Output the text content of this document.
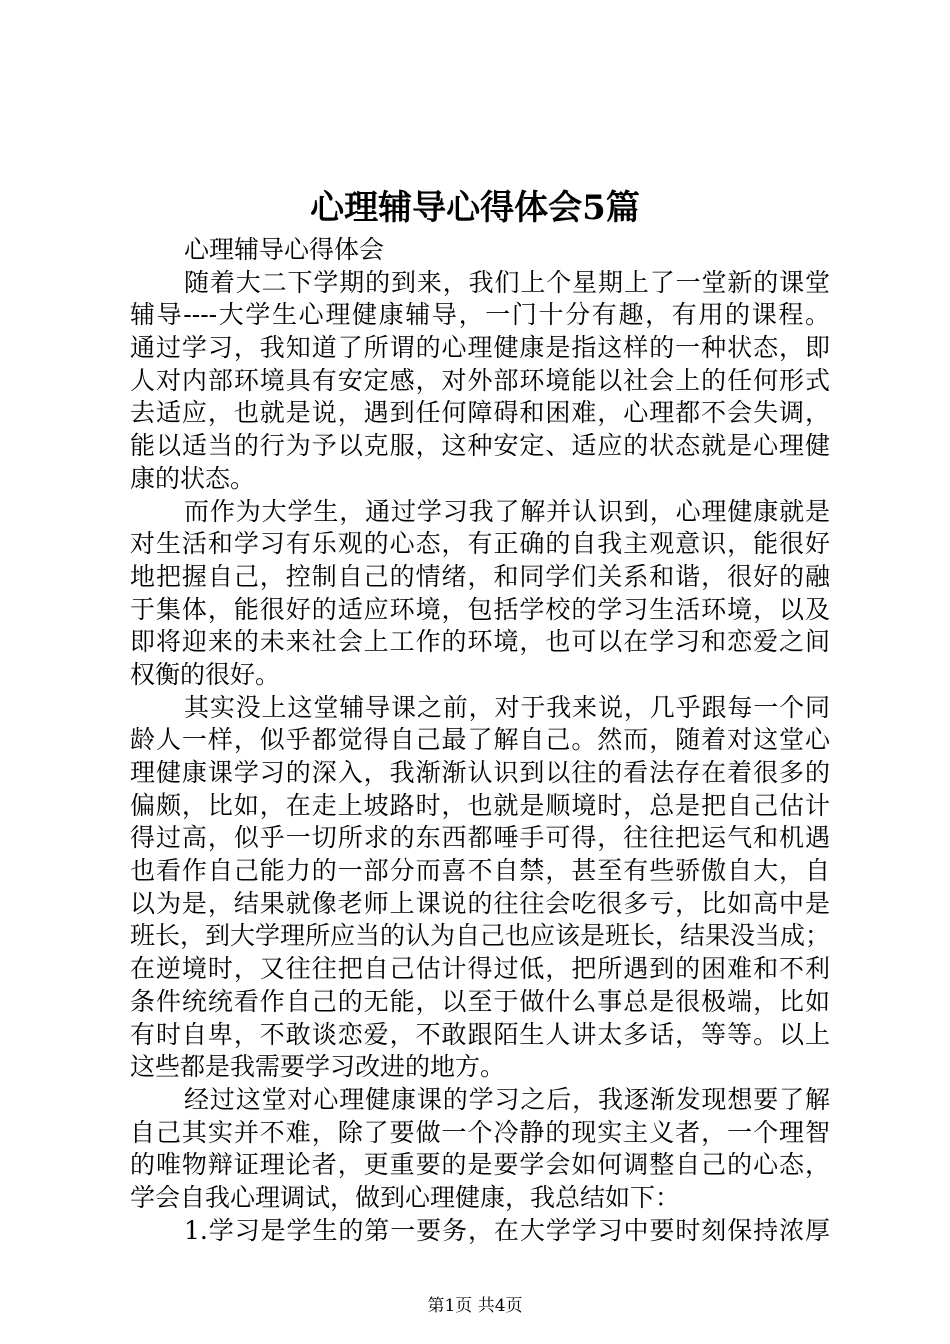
心理辅导心得体会5篇
心理辅导心得体会
随着大二下学期的到来，我们上个星期上了一堂新的课堂
辅导----大学生心理健康辅导，一门十分有趣，有用的课程。
通过学习，我知道了所谓的心理健康是指这样的一种状态，即
人对内部环境具有安定感，对外部环境能以社会上的任何形式
去适应，也就是说，遇到任何障碍和困难，心理都不会失调，
能以适当的行为予以克服，这种安定、适应的状态就是心理健
康的状态。
而作为大学生，通过学习我了解并认识到，心理健康就是
对生活和学习有乐观的心态，有正确的自我主观意识，能很好
地把握自己，控制自己的情绪，和同学们关系和谐，很好的融
于集体，能很好的适应环境，包括学校的学习生活环境，以及
即将迎来的未来社会上工作的环境，也可以在学习和恋爱之间
权衡的很好。
其实没上这堂辅导课之前，对于我来说，几乎跟每一个同
龄人一样，似乎都觉得自己最了解自己。然而，随着对这堂心
理健康课学习的深入，我渐渐认识到以往的看法存在着很多的
偏颇，比如，在走上坡路时，也就是顺境时，总是把自己估计
得过高，似乎一切所求的东西都唾手可得，往往把运气和机遇
也看作自己能力的一部分而喜不自禁，甚至有些骄傲自大，自
以为是，结果就像老师上课说的往往会吃很多亏，比如高中是
班长，到大学理所应当的认为自己也应该是班长，结果没当成；
在逆境时，又往往把自己估计得过低，把所遇到的困难和不利
条件统统看作自己的无能，以至于做什么事总是很极端，比如
有时自卑，不敢谈恋爱，不敢跟陌生人讲太多话，等等。以上
这些都是我需要学习改进的地方。
经过这堂对心理健康课的学习之后，我逐渐发现想要了解
自己其实并不难，除了要做一个冷静的现实主义者，一个理智
的唯物辩证理论者，更重要的是要学会如何调整自己的心态，
学会自我心理调试，做到心理健康，我总结如下：
1.学习是学生的第一要务，在大学学习中要时刻保持浓厚
第1页 共4页
